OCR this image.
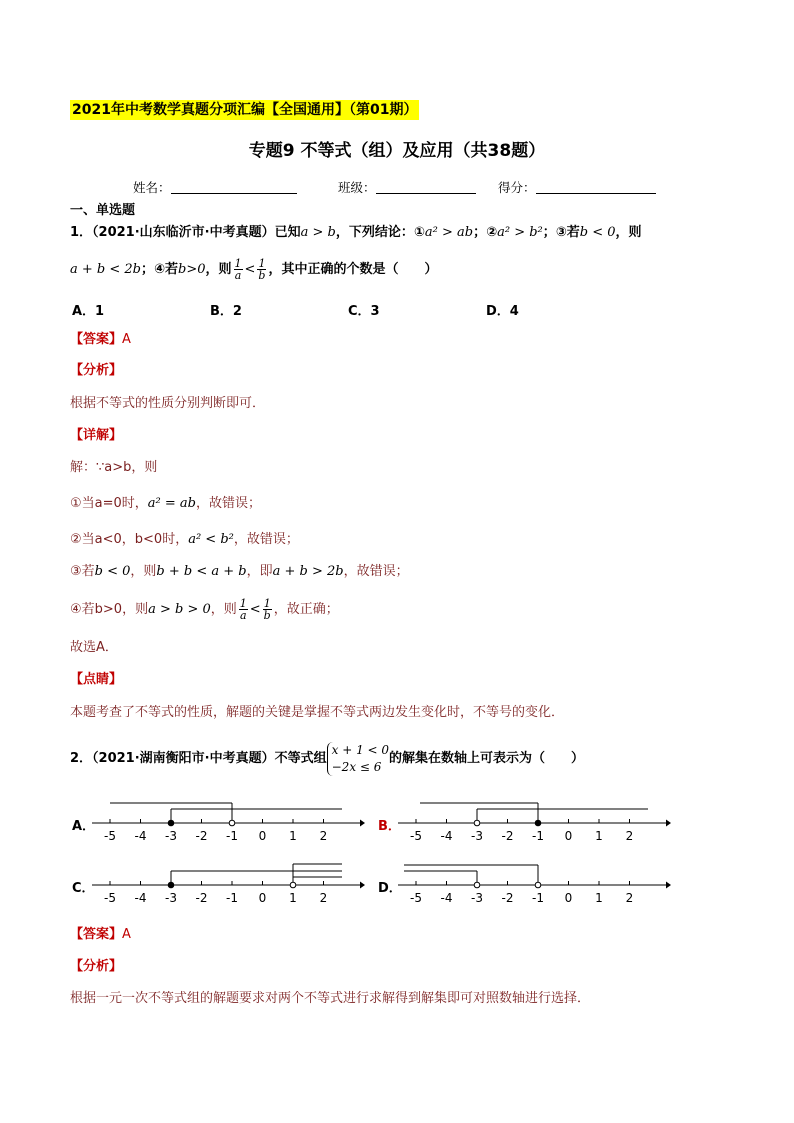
2021年中考数学真题分项汇编【全国通用】（第01期）
专题9 不等式（组）及应用（共38题）
姓名：	班级：	得分：
一、单选题
1．（2021·山东临沂市·中考真题）已知a > b，下列结论：①a² > ab；②a² > b²；③若b < 0，则
a + b < 2b；④若b>0，则 $\frac{1}{a} < \frac{1}{b}$ ，其中正确的个数是（　　）
A．1	B．2	C．3	D．4
【答案】A
【分析】
根据不等式的性质分别判断即可．
【详解】
解：∵a>b，则
①当a=0时，a² = ab，故错误；
②当a<0，b<0时，a² < b²，故错误；
③若b < 0，则b + b < a + b，即a + b > 2b，故错误；
④若b>0，则a > b > 0，则 $\frac{1}{a} < \frac{1}{b}$ ，故正确；
故选A．
【点睛】
本题考查了不等式的性质，解题的关键是掌握不等式两边发生变化时，不等号的变化．
2．（2021·湖南衡阳市·中考真题）不等式组
x + 1 < 0
−2x ≤ 6
的解集在数轴上可表示为（　　）
A．	B．
C．	D．
-5 -4 -3 -2 -1 0 1 2	-5 -4 -3 -2 -1 0 1 2
-5 -4 -3 -2 -1 0 1 2	-5 -4 -3 -2 -1 0 1 2
【答案】A
【分析】
根据一元一次不等式组的解题要求对两个不等式进行求解得到解集即可对照数轴进行选择．
